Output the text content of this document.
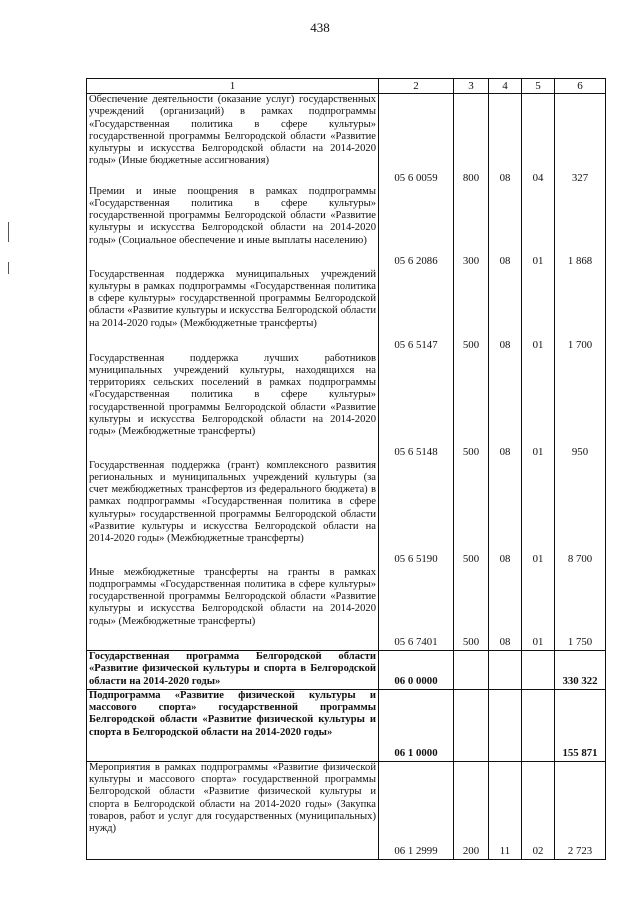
438
1	2	3	4	5	6
Обеспечение деятельности (оказание услуг) государственных учреждений (организаций) в рамках подпрограммы «Государственная политика в сфере культуры» государственной программы Белгородской области «Развитие культуры и искусства Белгородской области на 2014-2020 годы» (Иные бюджетные ассигнования)	05 6 0059	800	08	04	327
Премии и иные поощрения в рамках подпрограммы «Государственная политика в сфере культуры» государственной программы Белгородской области «Развитие культуры и искусства Белгородской области на 2014-2020 годы» (Социальное обеспечение и иные выплаты населению)	05 6 2086	300	08	01	1 868
Государственная поддержка муниципальных учреждений культуры в рамках подпрограммы «Государственная политика в сфере культуры» государственной программы Белгородской области «Развитие культуры и искусства Белгородской области на 2014-2020 годы» (Межбюджетные трансферты)	05 6 5147	500	08	01	1 700
Государственная поддержка лучших работников муниципальных учреждений культуры, находящихся на территориях сельских поселений в рамках подпрограммы «Государственная политика в сфере культуры» государственной программы Белгородской области «Развитие культуры и искусства Белгородской области на 2014-2020 годы» (Межбюджетные трансферты)	05 6 5148	500	08	01	950
Государственная поддержка (грант) комплексного развития региональных и муниципальных учреждений культуры (за счет межбюджетных трансфертов из федерального бюджета) в рамках подпрограммы «Государственная политика в сфере культуры» государственной программы Белгородской области «Развитие культуры и искусства Белгородской области на 2014-2020 годы» (Межбюджетные трансферты)	05 6 5190	500	08	01	8 700
Иные межбюджетные трансферты на гранты в рамках подпрограммы «Государственная политика в сфере культуры» государственной программы Белгородской области «Развитие культуры и искусства Белгородской области на 2014-2020 годы» (Межбюджетные трансферты)	05 6 7401	500	08	01	1 750
Государственная программа Белгородской области «Развитие физической культуры и спорта в Белгородской области на 2014-2020 годы»	06 0 0000				330 322
Подпрограмма «Развитие физической культуры и массового спорта» государственной программы Белгородской области «Развитие физической культуры и спорта в Белгородской области на 2014-2020 годы»	06 1 0000				155 871
Мероприятия в рамках подпрограммы «Развитие физической культуры и массового спорта» государственной программы Белгородской области «Развитие физической культуры и спорта в Белгородской области на 2014-2020 годы» (Закупка товаров, работ и услуг для государственных (муниципальных) нужд)	06 1 2999	200	11	02	2 723
